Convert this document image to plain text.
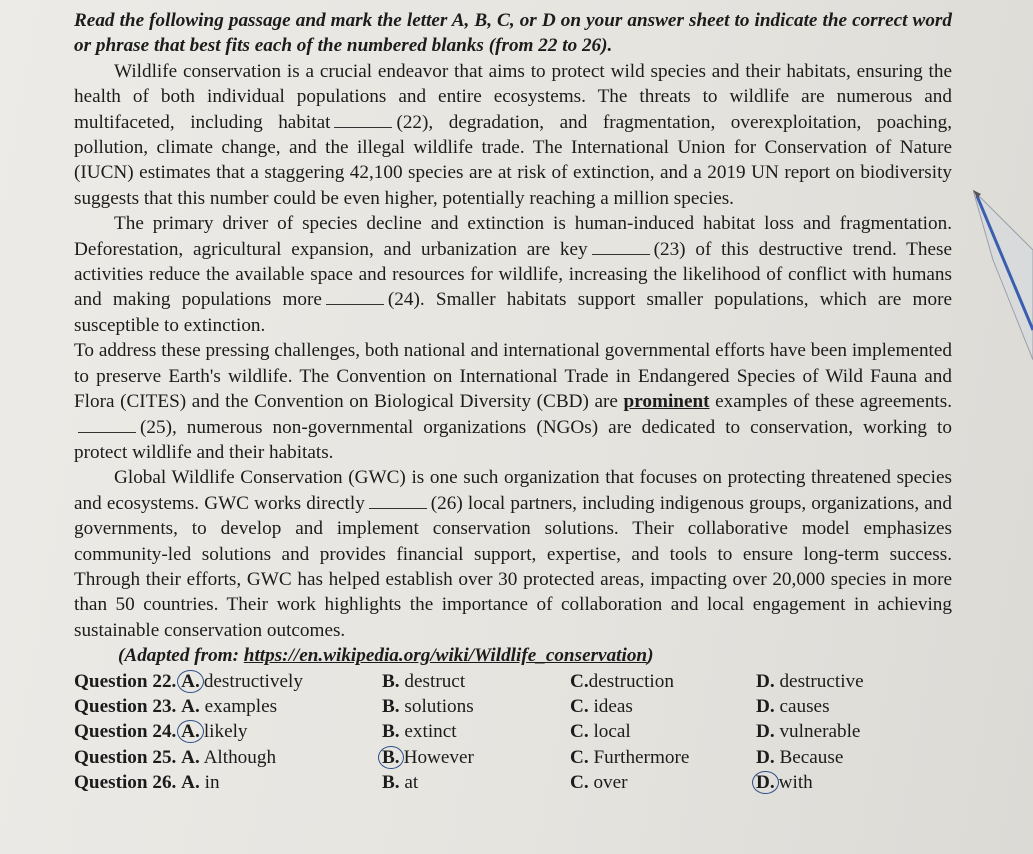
Read the following passage and mark the letter A, B, C, or D on your answer sheet to indicate the correct word or phrase that best fits each of the numbered blanks (from 22 to 26).

Wildlife conservation is a crucial endeavor that aims to protect wild species and their habitats, ensuring the health of both individual populations and entire ecosystems. The threats to wildlife are numerous and multifaceted, including habitat	(22), degradation, and fragmentation, overexploitation, poaching, pollution, climate change, and the illegal wildlife trade. The International Union for Conservation of Nature (IUCN) estimates that a staggering 42,100 species are at risk of extinction, and a 2019 UN report on biodiversity suggests that this number could be even higher, potentially reaching a million species.

The primary driver of species decline and extinction is human-induced habitat loss and fragmentation. Deforestation, agricultural expansion, and urbanization are key	(23) of this destructive trend. These activities reduce the available space and resources for wildlife, increasing the likelihood of conflict with humans and making populations more	(24). Smaller habitats support smaller populations, which are more susceptible to extinction.

To address these pressing challenges, both national and international governmental efforts have been implemented to preserve Earth's wildlife. The Convention on International Trade in Endangered Species of Wild Fauna and Flora (CITES) and the Convention on Biological Diversity (CBD) are prominent examples of these agreements.(25), numerous non-governmental organizations (NGOs) are dedicated to conservation, working to protect wildlife and their habitats.

Global Wildlife Conservation (GWC) is one such organization that focuses on protecting threatened species and ecosystems. GWC works directly	(26) local partners, including indigenous groups, organizations, and governments, to develop and implement conservation solutions. Their collaborative model emphasizes community-led solutions and provides financial support, expertise, and tools to ensure long-term success. Through their efforts, GWC has helped establish over 30 protected areas, impacting over 20,000 species in more than 50 countries. Their work highlights the importance of collaboration and local engagement in achieving sustainable conservation outcomes.

(Adapted from: https://en.wikipedia.org/wiki/Wildlife_conservation)

Question 22. A. destructively	B. destruct	C.destruction	D. destructive
Question 23. A. examples	B. solutions	C. ideas	D. causes
Question 24. A. likely	B. extinct	C. local	D. vulnerable
Question 25. A. Although	B. However	C. Furthermore	D. Because
Question 26. A. in	B. at	C. over	D. with
